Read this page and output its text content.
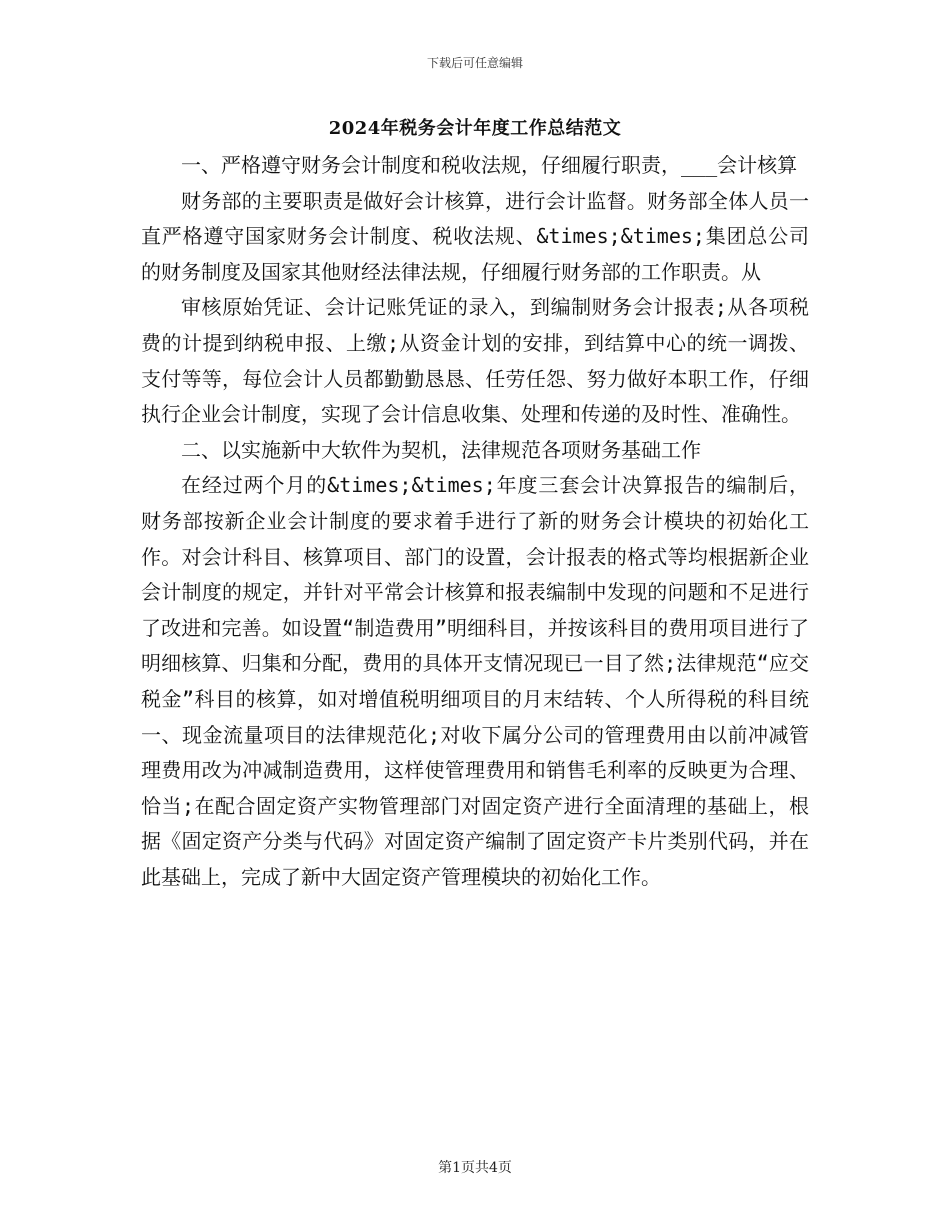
下载后可任意编辑
2024年税务会计年度工作总结范文

一、严格遵守财务会计制度和税收法规，仔细履行职责，___会计核算

财务部的主要职责是做好会计核算，进行会计监督。财务部全体人员一直严格遵守国家财务会计制度、税收法规、&times;&times;集团总公司的财务制度及国家其他财经法律法规，仔细履行财务部的工作职责。从

审核原始凭证、会计记账凭证的录入，到编制财务会计报表;从各项税费的计提到纳税申报、上缴;从资金计划的安排，到结算中心的统一调拨、支付等等，每位会计人员都勤勤恳恳、任劳任怨、努力做好本职工作，仔细执行企业会计制度，实现了会计信息收集、处理和传递的及时性、准确性。

二、以实施新中大软件为契机，法律规范各项财务基础工作

在经过两个月的&times;&times;年度三套会计决算报告的编制后，财务部按新企业会计制度的要求着手进行了新的财务会计模块的初始化工作。对会计科目、核算项目、部门的设置，会计报表的格式等均根据新企业会计制度的规定，并针对平常会计核算和报表编制中发现的问题和不足进行了改进和完善。如设置“制造费用”明细科目，并按该科目的费用项目进行了明细核算、归集和分配，费用的具体开支情况现已一目了然;法律规范“应交税金”科目的核算，如对增值税明细项目的月末结转、个人所得税的科目统一、现金流量项目的法律规范化;对收下属分公司的管理费用由以前冲减管理费用改为冲减制造费用，这样使管理费用和销售毛利率的反映更为合理、恰当;在配合固定资产实物管理部门对固定资产进行全面清理的基础上，根据《固定资产分类与代码》对固定资产编制了固定资产卡片类别代码，并在此基础上，完成了新中大固定资产管理模块的初始化工作。

第1页共4页
